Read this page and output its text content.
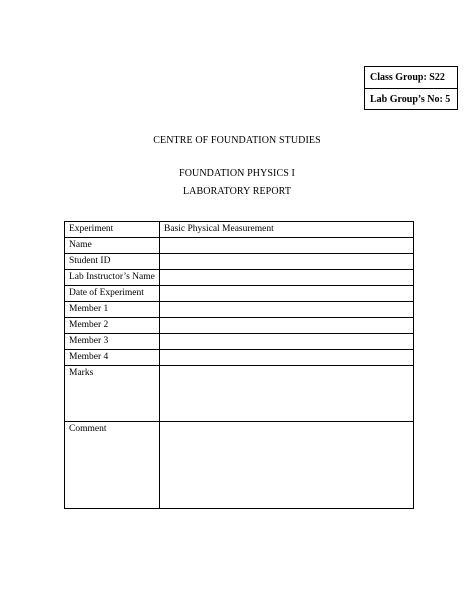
Class Group: S22
Lab Group’s No: 5
CENTRE OF FOUNDATION STUDIES
FOUNDATION PHYSICS I
LABORATORY REPORT
Experiment	Basic Physical Measurement
Name	
Student ID	
Lab Instructor’s Name	
Date of Experiment	
Member 1	
Member 2	
Member 3	
Member 4	
Marks	
Comment	
